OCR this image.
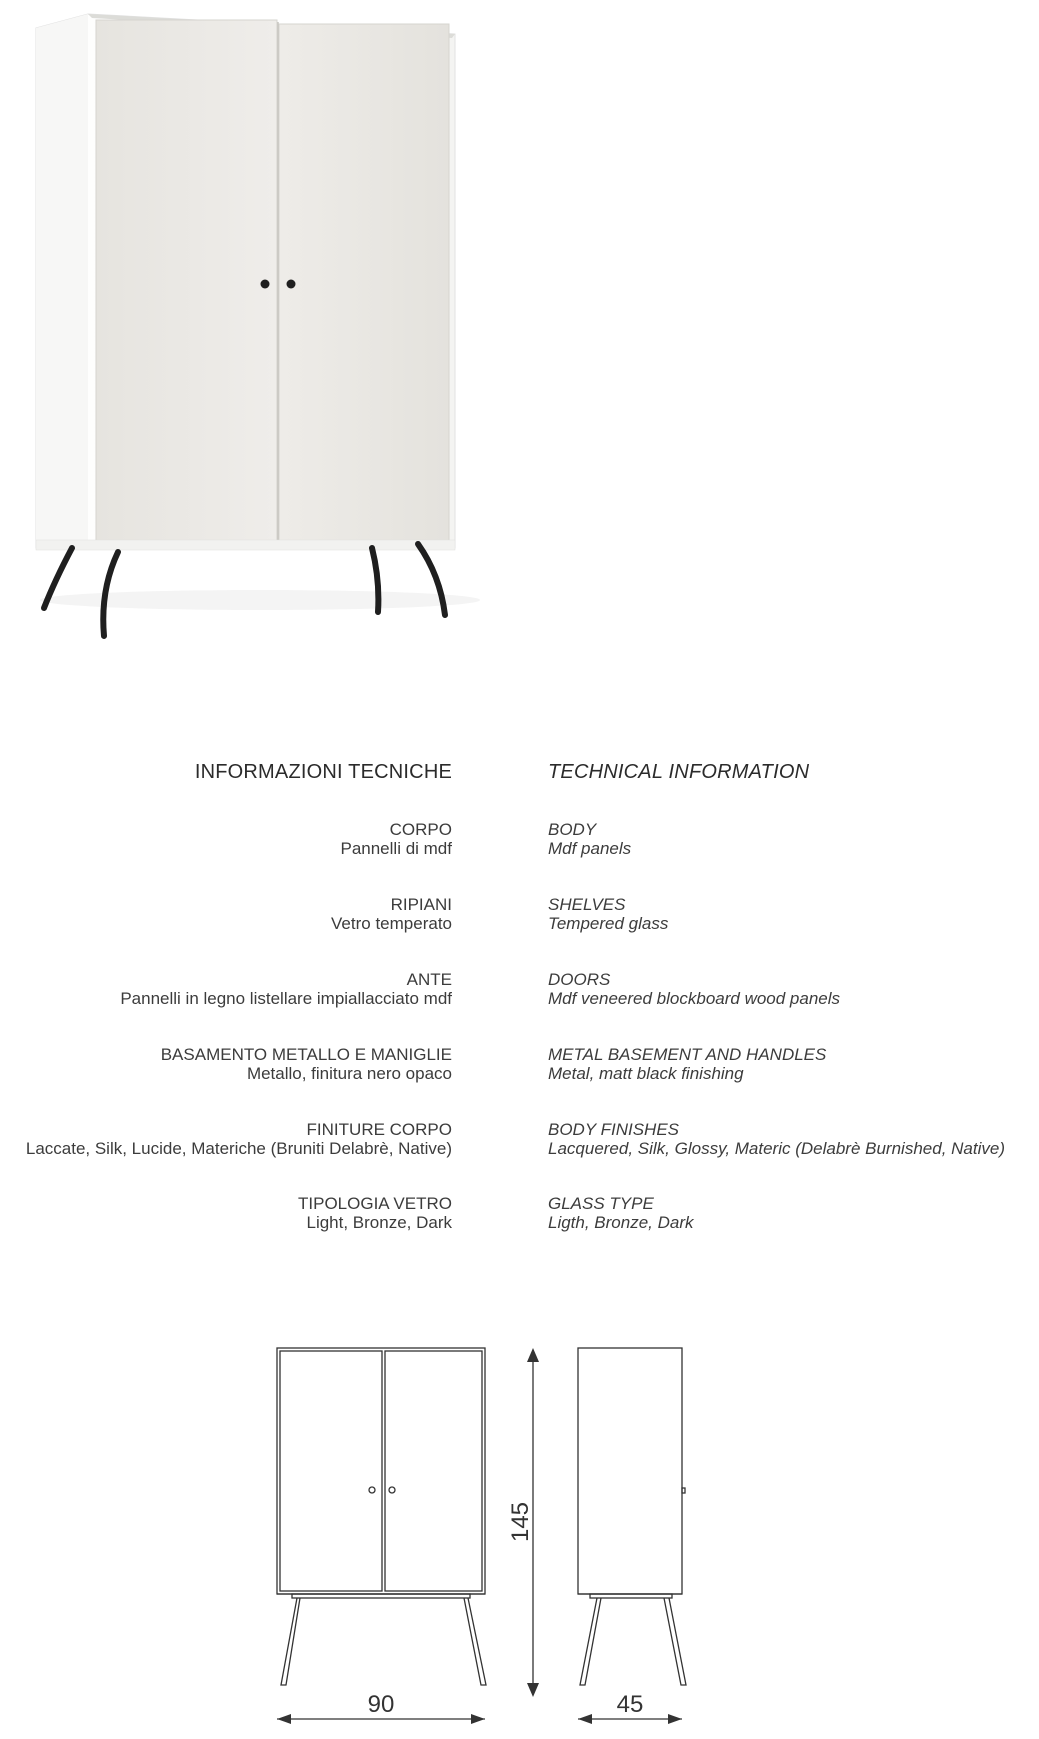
INFORMAZIONI TECNICHE	TECHNICAL INFORMATION
CORPO
Pannelli di mdf
RIPIANI
Vetro temperato
ANTE
Pannelli in legno listellare impiallacciato mdf
BASAMENTO METALLO E MANIGLIE
Metallo, finitura nero opaco
FINITURE CORPO
Laccate, Silk, Lucide, Materiche (Bruniti Delabrè, Native)
TIPOLOGIA VETRO
Light, Bronze, Dark
BODY
Mdf panels
SHELVES
Tempered glass
DOORS
Mdf veneered blockboard wood panels
METAL BASEMENT AND HANDLES
Metal, matt black finishing
BODY FINISHES
Lacquered, Silk, Glossy, Materic (Delabrè Burnished, Native)
GLASS TYPE
Ligth, Bronze, Dark
145
90	45
